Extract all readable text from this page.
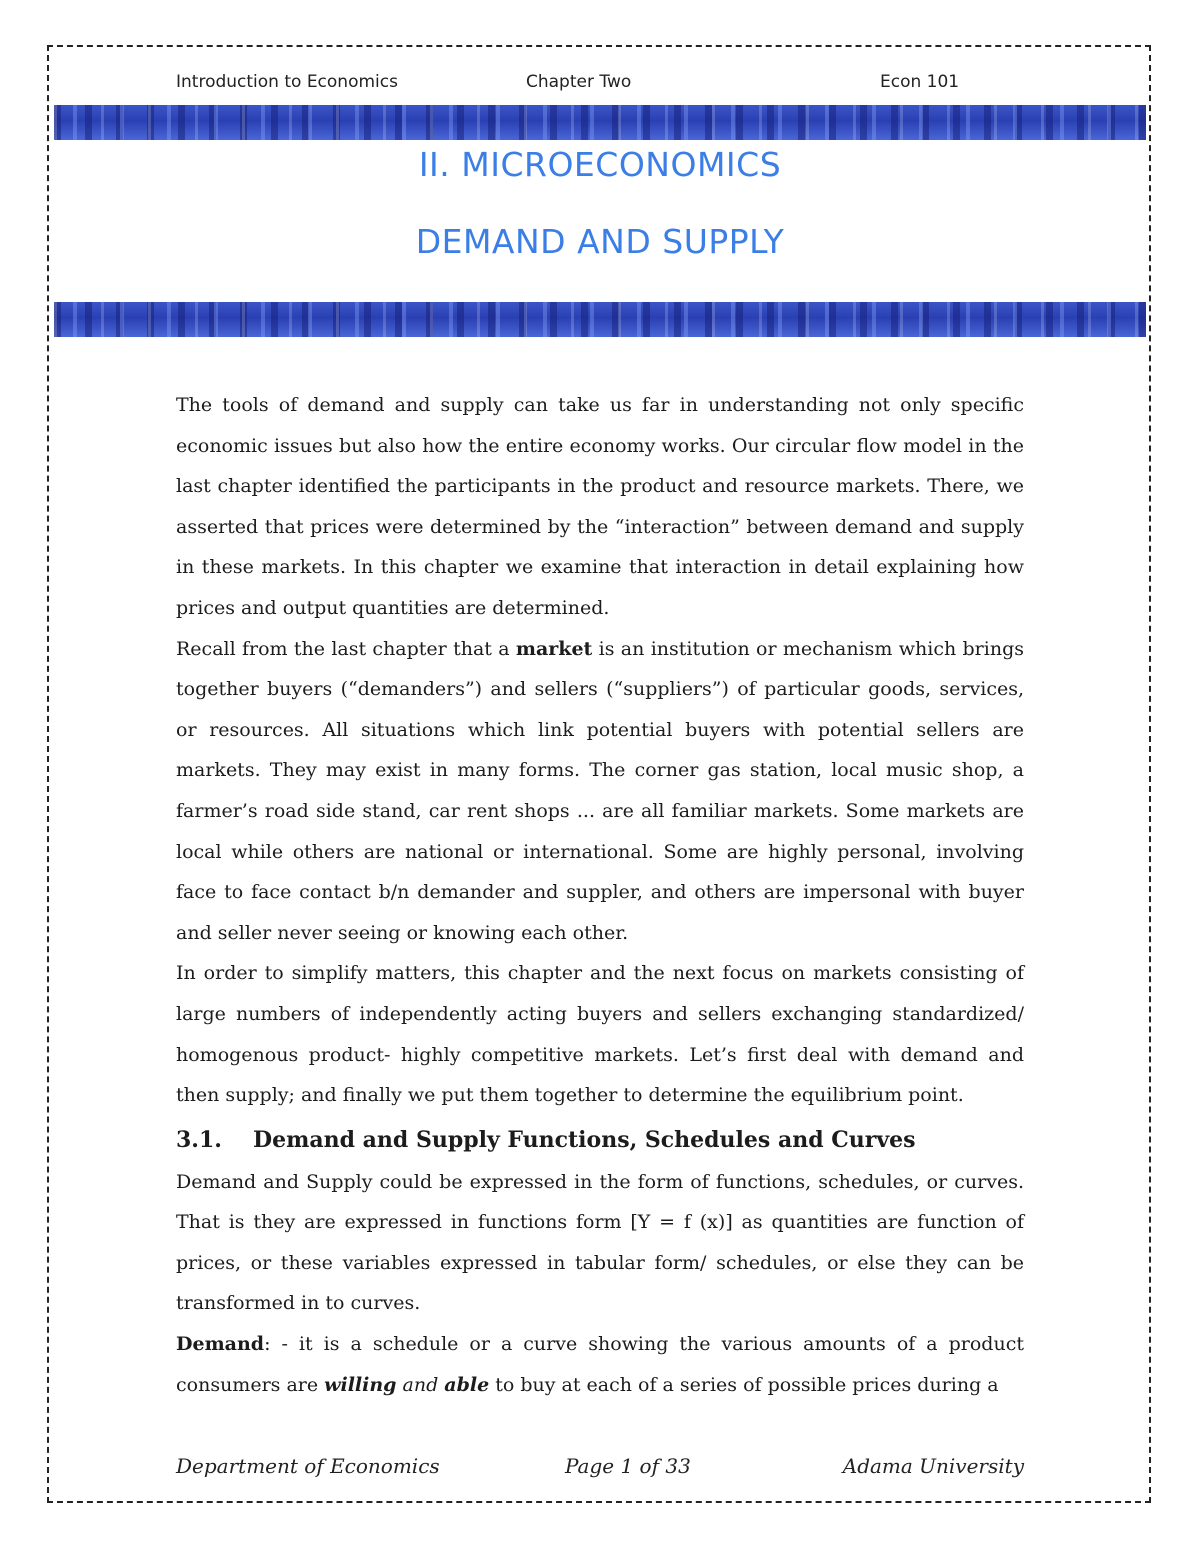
Introduction to Economics	Chapter Two	Econ 101
II. MICROECONOMICS
DEMAND AND SUPPLY

The tools of demand and supply can take us far in understanding not only specific economic issues but also how the entire economy works. Our circular flow model in the last chapter identified the participants in the product and resource markets. There, we asserted that prices were determined by the “interaction” between demand and supply in these markets. In this chapter we examine that interaction in detail explaining how prices and output quantities are determined.

Recall from the last chapter that a market is an institution or mechanism which brings together buyers (“demanders”) and sellers (“suppliers”) of particular goods, services, or resources. All situations which link potential buyers with potential sellers are markets. They may exist in many forms. The corner gas station, local music shop, a farmer’s road side stand, car rent shops ... are all familiar markets. Some markets are local while others are national or international. Some are highly personal, involving face to face contact b/n demander and suppler, and others are impersonal with buyer and seller never seeing or knowing each other.

In order to simplify matters, this chapter and the next focus on markets consisting of large numbers of independently acting buyers and sellers exchanging standardized/ homogenous product- highly competitive markets. Let’s first deal with demand and then supply; and finally we put them together to determine the equilibrium point.

3.1. Demand and Supply Functions, Schedules and Curves

Demand and Supply could be expressed in the form of functions, schedules, or curves. That is they are expressed in functions form [Y = f (x)] as quantities are function of prices, or these variables expressed in tabular form/ schedules, or else they can be transformed in to curves.

Demand: - it is a schedule or a curve showing the various amounts of a product consumers are willing and able to buy at each of a series of possible prices during a

Department of Economics	Page 1 of 33	Adama University
